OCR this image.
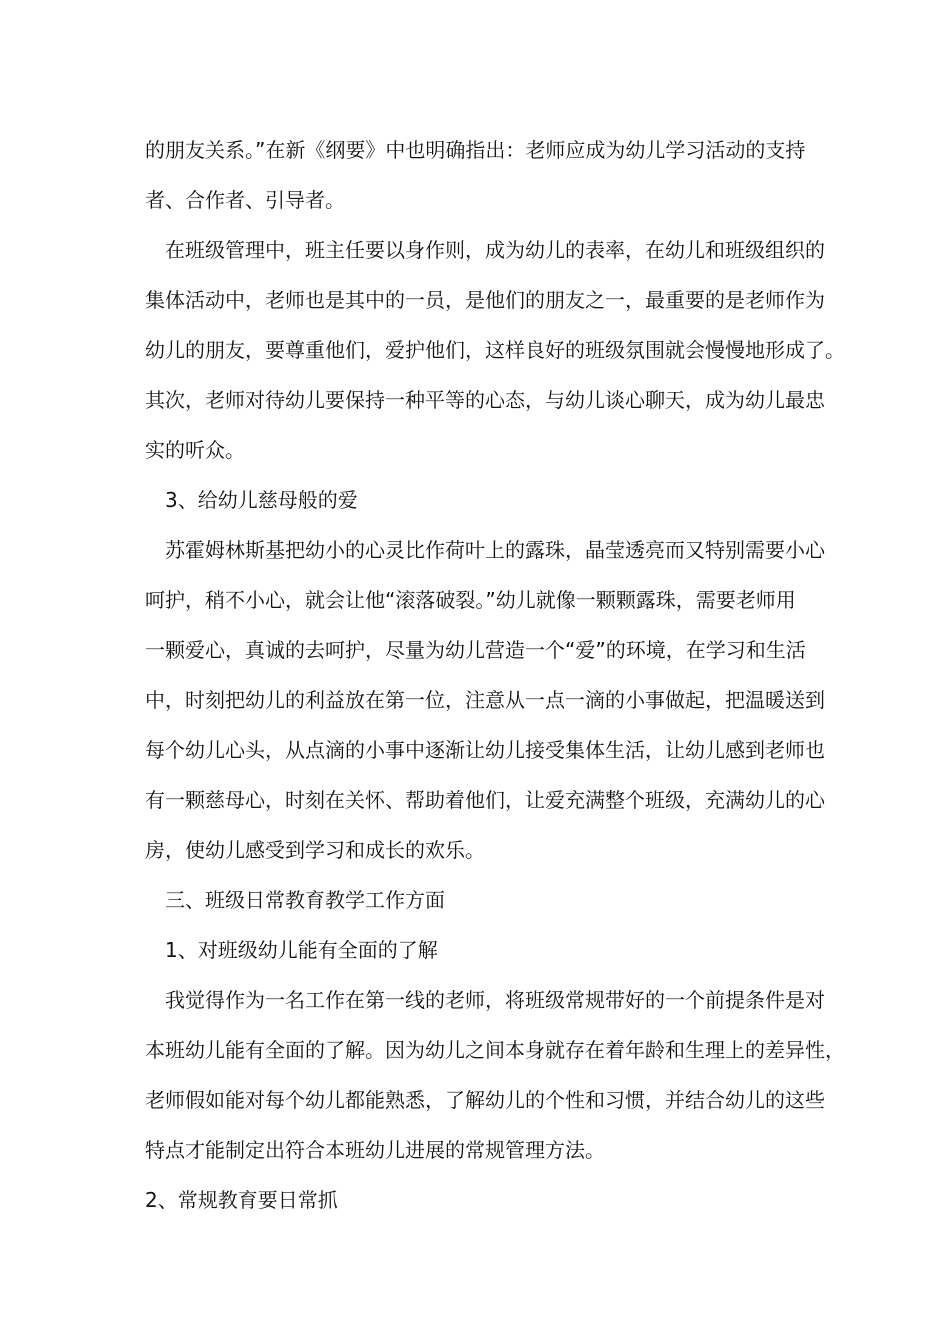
的朋友关系。”在新《纲要》中也明确指出：老师应成为幼儿学习活动的支持
者、合作者、引导者。
在班级管理中，班主任要以身作则，成为幼儿的表率，在幼儿和班级组织的
集体活动中，老师也是其中的一员，是他们的朋友之一，最重要的是老师作为
幼儿的朋友，要尊重他们，爱护他们，这样良好的班级氛围就会慢慢地形成了。
其次，老师对待幼儿要保持一种平等的心态，与幼儿谈心聊天，成为幼儿最忠
实的听众。
3、给幼儿慈母般的爱
苏霍姆林斯基把幼小的心灵比作荷叶上的露珠，晶莹透亮而又特别需要小心
呵护，稍不小心，就会让他“滚落破裂。”幼儿就像一颗颗露珠，需要老师用
一颗爱心，真诚的去呵护，尽量为幼儿营造一个“爱”的环境，在学习和生活
中，时刻把幼儿的利益放在第一位，注意从一点一滴的小事做起，把温暖送到
每个幼儿心头，从点滴的小事中逐渐让幼儿接受集体生活，让幼儿感到老师也
有一颗慈母心，时刻在关怀、帮助着他们，让爱充满整个班级，充满幼儿的心
房，使幼儿感受到学习和成长的欢乐。
三、班级日常教育教学工作方面
1、对班级幼儿能有全面的了解
我觉得作为一名工作在第一线的老师，将班级常规带好的一个前提条件是对
本班幼儿能有全面的了解。因为幼儿之间本身就存在着年龄和生理上的差异性，
老师假如能对每个幼儿都能熟悉，了解幼儿的个性和习惯，并结合幼儿的这些
特点才能制定出符合本班幼儿进展的常规管理方法。
2、常规教育要日常抓
